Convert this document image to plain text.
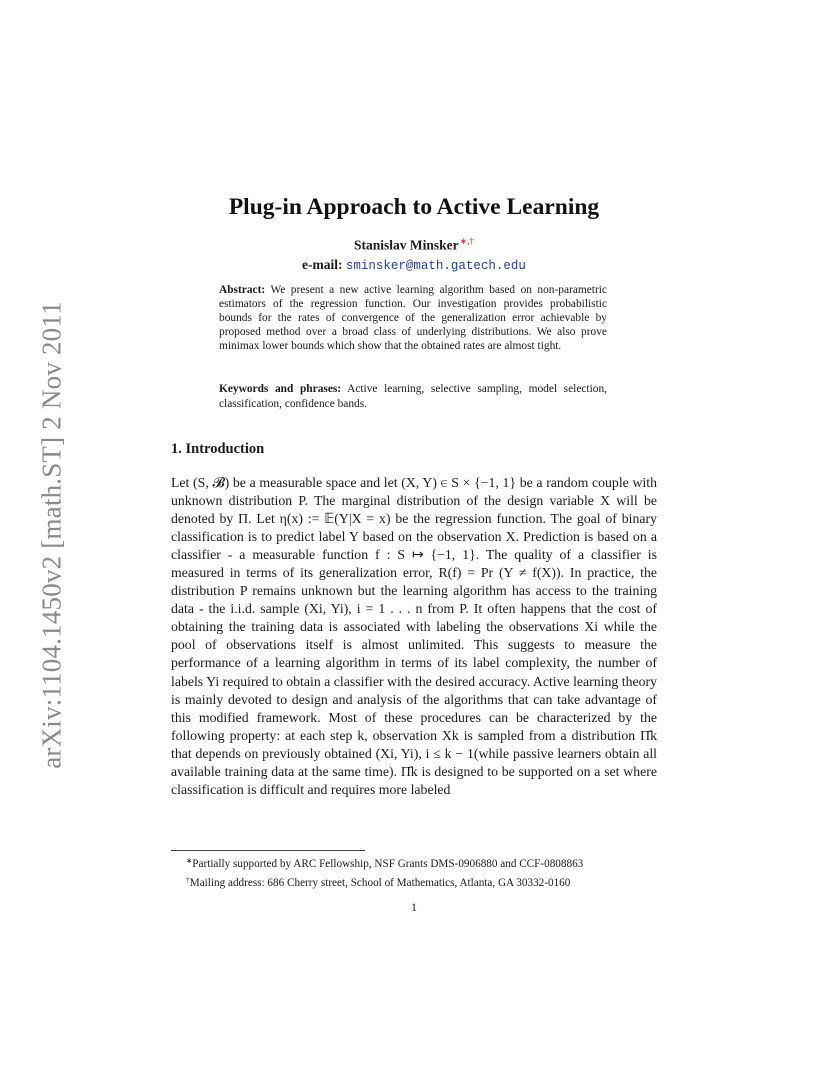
arXiv:1104.1450v2 [math.ST] 2 Nov 2011
Plug-in Approach to Active Learning
Stanislav Minsker∗,†
e-mail: sminsker@math.gatech.edu
Abstract: We present a new active learning algorithm based on non-parametric estimators of the regression function. Our investigation provides probabilistic bounds for the rates of convergence of the generalization error achievable by proposed method over a broad class of underlying distributions. We also prove minimax lower bounds which show that the obtained rates are almost tight.
Keywords and phrases: Active learning, selective sampling, model selection, classification, confidence bands.
1. Introduction

Let (S, 𝓑) be a measurable space and let (X, Y) ∈ S × {−1, 1} be a random couple with unknown distribution P. The marginal distribution of the design variable X will be denoted by Π. Let η(x) := 𝔼(Y|X = x) be the regression function. The goal of binary classification is to predict label Y based on the observation X. Prediction is based on a classifier - a measurable function f : S ↦ {−1, 1}. The quality of a classifier is measured in terms of its generalization error, R(f) = Pr (Y ≠ f(X)). In practice, the distribution P remains unknown but the learning algorithm has access to the training data - the i.i.d. sample (Xi, Yi), i = 1 . . . n from P. It often happens that the cost of obtaining the training data is associated with labeling the observations Xi while the pool of observations itself is almost unlimited. This suggests to measure the performance of a learning algorithm in terms of its label complexity, the number of labels Yi required to obtain a classifier with the desired accuracy. Active learning theory is mainly devoted to design and analysis of the algorithms that can take advantage of this modified framework. Most of these procedures can be characterized by the following property: at each step k, observation Xk is sampled from a distribution Π̂k that depends on previously obtained (Xi, Yi), i ≤ k − 1(while passive learners obtain all available training data at the same time). Π̂k is designed to be supported on a set where classification is difficult and requires more labeled

∗Partially supported by ARC Fellowship, NSF Grants DMS-0906880 and CCF-0808863
†Mailing address: 686 Cherry street, School of Mathematics, Atlanta, GA 30332-0160
1
